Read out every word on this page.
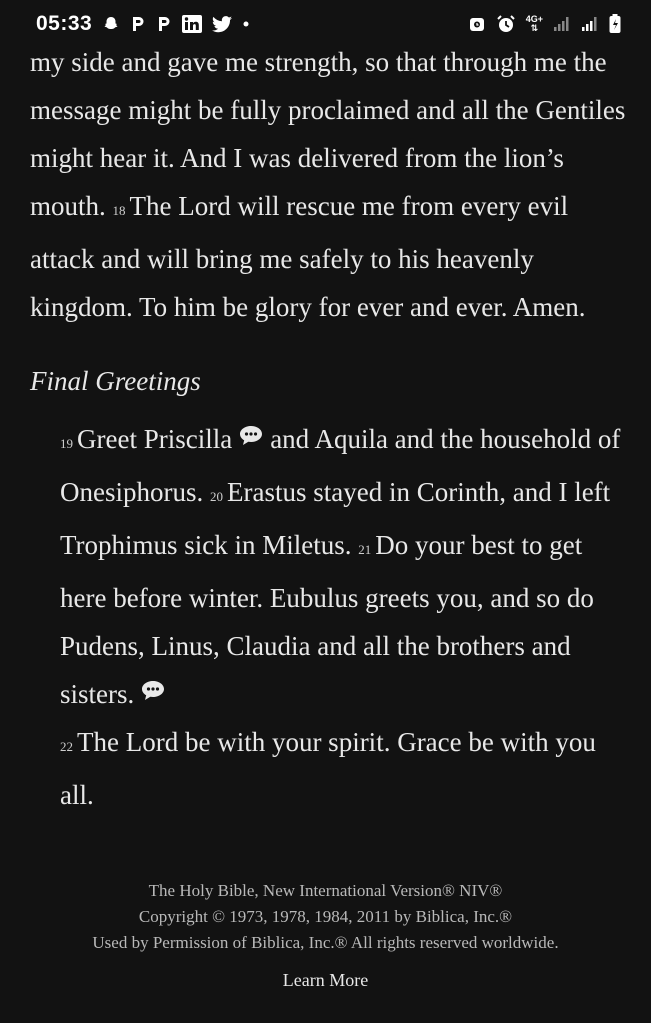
05:33	4G+
⇅

my side and gave me strength, so that through me the message might be fully proclaimed and all the Gentiles might hear it. And I was delivered from the lion’s mouth. 18 The Lord will rescue me from every evil attack and will bring me safely to his heavenly kingdom. To him be glory for ever and ever. Amen.

Final Greetings

19 Greet Priscilla and Aquila and the household of Onesiphorus. 20 Erastus stayed in Corinth, and I left Trophimus sick in Miletus. 21 Do your best to get here before winter. Eubulus greets you, and so do Pudens, Linus, Claudia and all the brothers and sisters.

22 The Lord be with your spirit. Grace be with you all.

The Holy Bible, New International Version® NIV®
Copyright © 1973, 1978, 1984, 2011 by Biblica, Inc.®
Used by Permission of Biblica, Inc.® All rights reserved worldwide.
Learn More
